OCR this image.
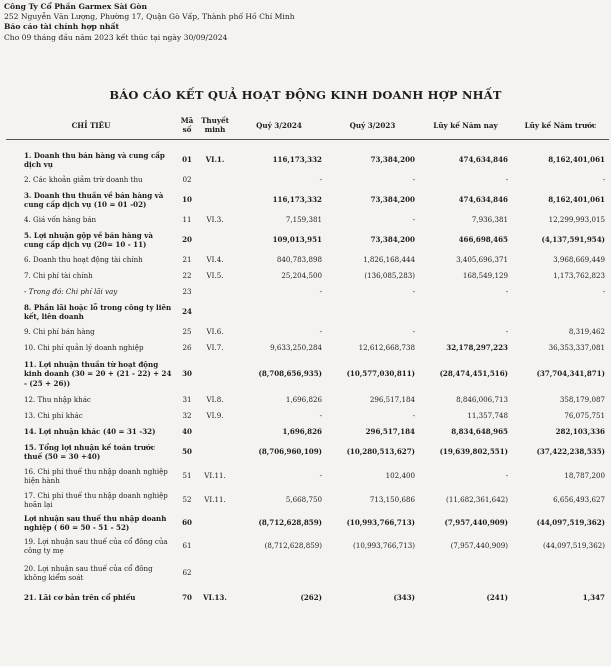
Công Ty Cổ Phần Garmex Sài Gòn
252 Nguyễn Văn Lượng, Phường 17, Quận Gò Vấp, Thành phố Hồ Chí Minh
Báo cáo tài chính hợp nhất
Cho 09 tháng đầu năm 2023 kết thúc tại ngày 30/09/2024
BÁO CÁO KẾT QUẢ HOẠT ĐỘNG KINH DOANH HỢP NHẤT
CHỈ TIÊU	Mã số	Thuyết minh	Quý 3/2024	Quý 3/2023	Lũy kế Năm nay	Lũy kế Năm trước

1. Doanh thu bán hàng và cung cấp dịch vụ	01	VI.1.	116,173,332	73,384,200	474,634,846	8,162,401,061
2. Các khoản giảm trừ doanh thu	02		-	-	-	-
3. Doanh thu thuần về bán hàng và cung cấp dịch vụ (10 = 01 -02)	10		116,173,332	73,384,200	474,634,846	8,162,401,061
4. Giá vốn hàng bán	11	VI.3.	7,159,381	-	7,936,381	12,299,993,015
5. Lợi nhuận gộp về bán hàng và cung cấp dịch vụ (20= 10 - 11)	20		109,013,951	73,384,200	466,698,465	(4,137,591,954)
6. Doanh thu hoạt động tài chính	21	VI.4.	840,783,898	1,826,168,444	3,405,696,371	3,968,669,449
7. Chi phí tài chính	22	VI.5.	25,204,500	(136,085,283)	168,549,129	1,173,762,823
- Trong đó: Chi phí lãi vay	23		-	-	-	-
8. Phần lãi hoặc lỗ trong công ty liên kết, liên doanh	24					
9. Chi phí bán hàng	25	VI.6.	-	-	-	8,319,462
10. Chi phí quản lý doanh nghiệp	26	VI.7.	9,633,250,284	12,612,668,738	32,178,297,223	36,353,337,081
11. Lợi nhuận thuần từ hoạt động kinh doanh (30 = 20 + (21 - 22) + 24 - (25 + 26))	30		(8,708,656,935)	(10,577,030,811)	(28,474,451,516)	(37,704,341,871)
12. Thu nhập khác	31	VI.8.	1,696,826	296,517,184	8,846,006,713	358,179,087
13. Chi phí khác	32	VI.9.	-	-	11,357,748	76,075,751
14. Lợi nhuận khác (40 = 31 -32)	40		1,696,826	296,517,184	8,834,648,965	282,103,336
15. Tổng lợi nhuận kế toán trước thuế (50 = 30 +40)	50		(8,706,960,109)	(10,280,513,627)	(19,639,802,551)	(37,422,238,535)
16. Chi phí thuế thu nhập doanh nghiệp hiện hành	51	VI.11.	-	102,400	-	18,787,200
17. Chi phí thuế thu nhập doanh nghiệp hoãn lại	52	VI.11.	5,668,750	713,150,686	(11,682,361,642)	6,656,493,627
Lợi nhuận sau thuế thu nhập doanh nghiệp ( 60 = 50 - 51 - 52)	60		(8,712,628,859)	(10,993,766,713)	(7,957,440,909)	(44,097,519,362)
19. Lợi nhuận sau thuế của cổ đông của công ty mẹ	61		(8,712,628,859)	(10,993,766,713)	(7,957,440,909)	(44,097,519,362)
20. Lợi nhuận sau thuế của cổ đông không kiểm soát	62					
21. Lãi cơ bản trên cổ phiếu	70	VI.13.	(262)	(343)	(241)	1,347
